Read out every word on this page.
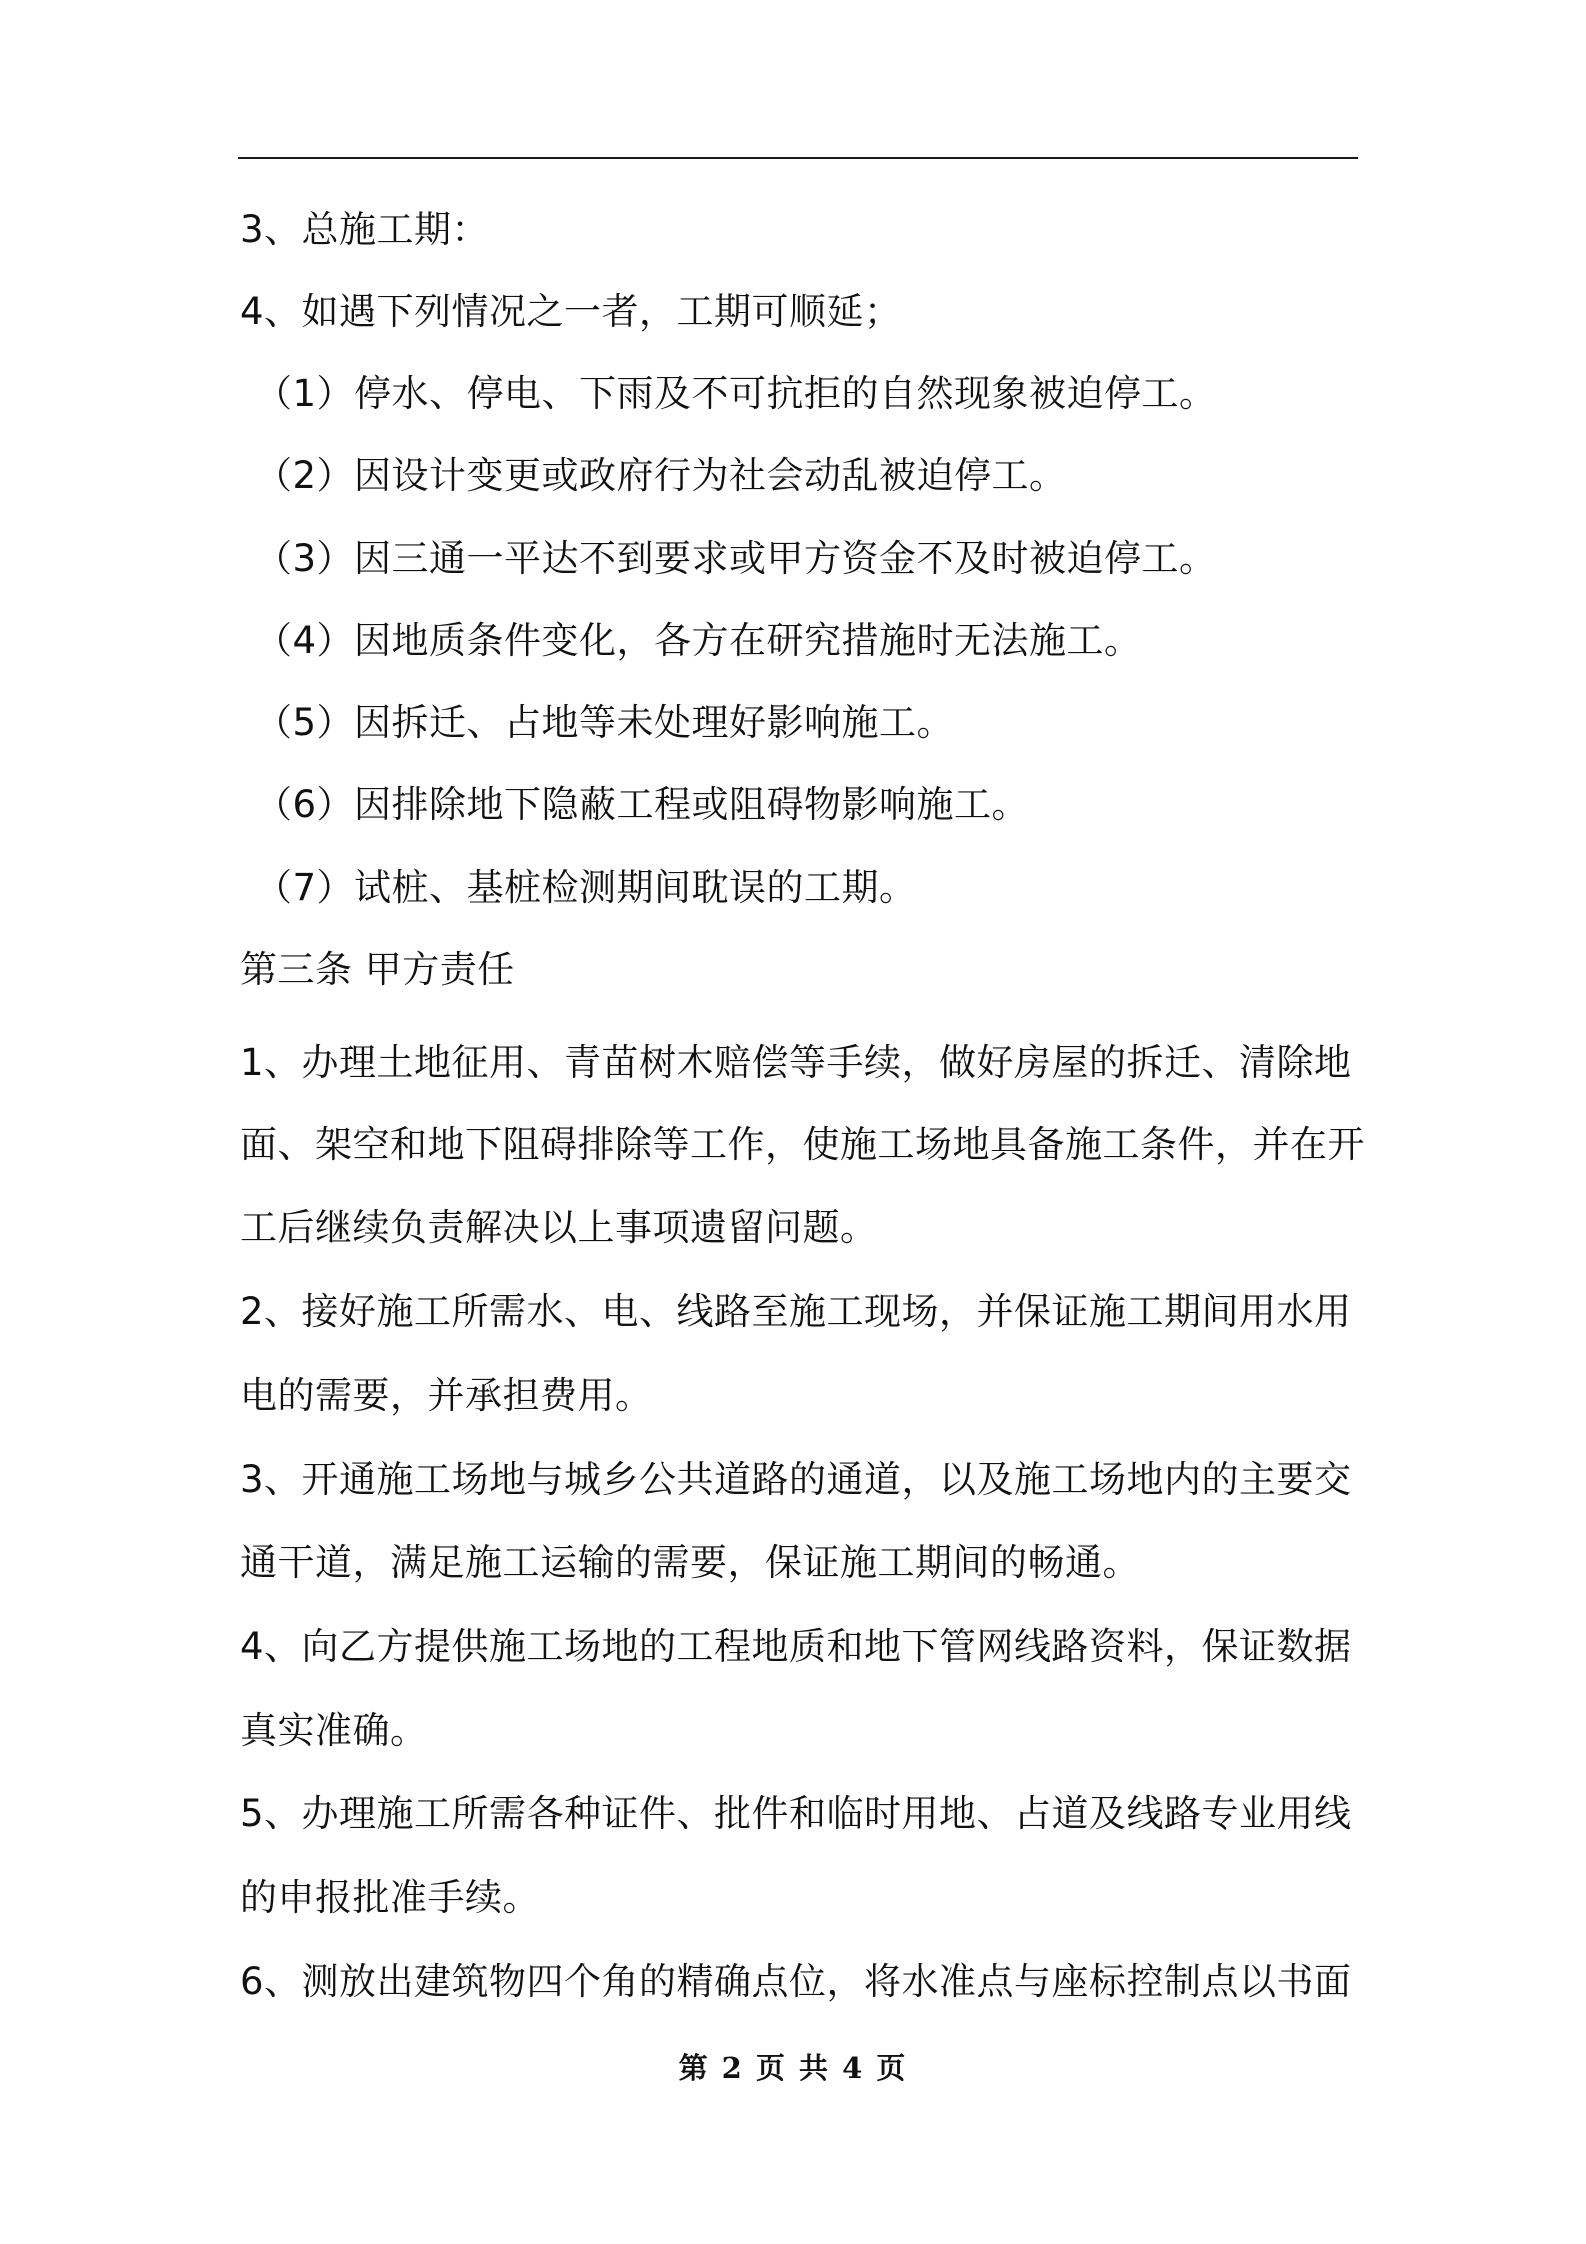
3、总施工期：
4、如遇下列情况之一者，工期可顺延；
（1）停水、停电、下雨及不可抗拒的自然现象被迫停工。
（2）因设计变更或政府行为社会动乱被迫停工。
（3）因三通一平达不到要求或甲方资金不及时被迫停工。
（4）因地质条件变化，各方在研究措施时无法施工。
（5）因拆迁、占地等未处理好影响施工。
（6）因排除地下隐蔽工程或阻碍物影响施工。
（7）试桩、基桩检测期间耽误的工期。
第三条 甲方责任
1、办理土地征用、青苗树木赔偿等手续，做好房屋的拆迁、清除地
面、架空和地下阻碍排除等工作，使施工场地具备施工条件，并在开
工后继续负责解决以上事项遗留问题。
2、接好施工所需水、电、线路至施工现场，并保证施工期间用水用
电的需要，并承担费用。
3、开通施工场地与城乡公共道路的通道，以及施工场地内的主要交
通干道，满足施工运输的需要，保证施工期间的畅通。
4、向乙方提供施工场地的工程地质和地下管网线路资料，保证数据
真实准确。
5、办理施工所需各种证件、批件和临时用地、占道及线路专业用线
的申报批准手续。
6、测放出建筑物四个角的精确点位，将水准点与座标控制点以书面
第 2 页 共 4 页
